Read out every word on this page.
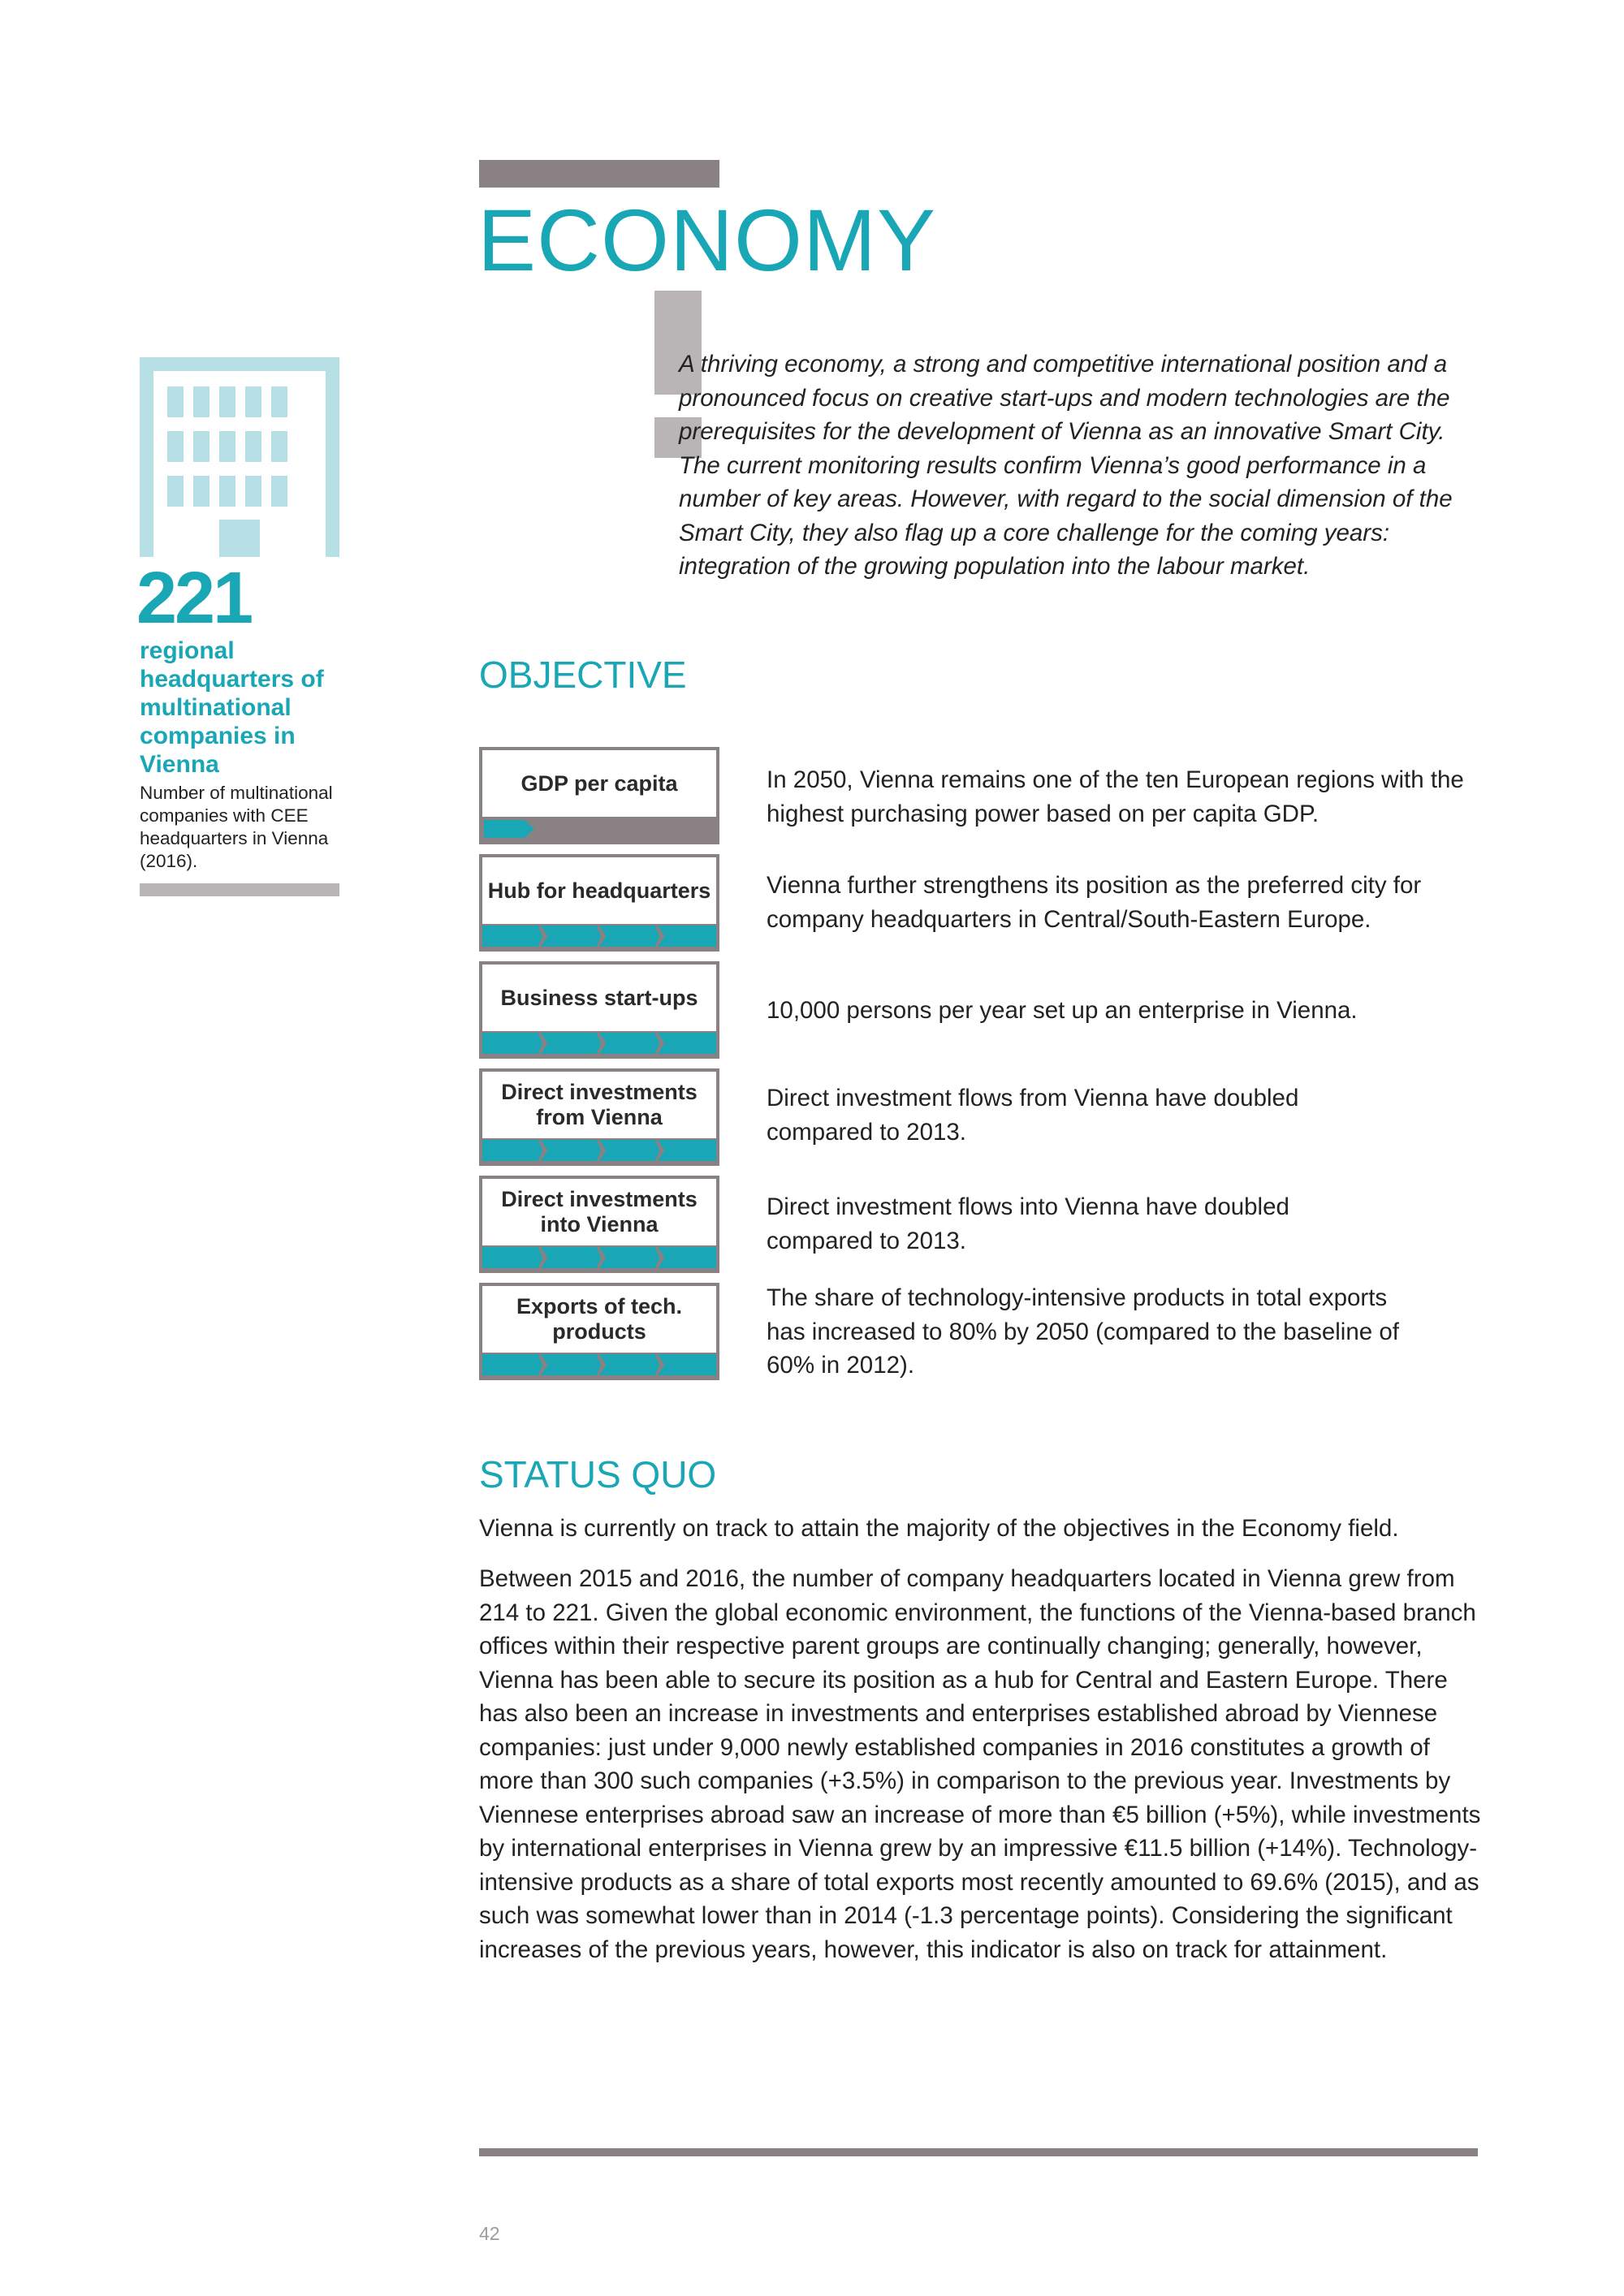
ECONOMY
A thriving economy, a strong and competitive international position and a pronounced focus on creative start-ups and modern technologies are the prerequisites for the development of Vienna as an innovative Smart City. The current monitoring results confirm Vienna’s good performance in a number of key areas. However, with regard to the social dimension of the Smart City, they also flag up a core challenge for the coming years: integration of the growing population into the labour market.
221
regional headquarters of multinational companies in Vienna
Number of multinational companies with CEE headquarters in Vienna (2016).
OBJECTIVE
GDP per capita	In 2050, Vienna remains one of the ten European regions with the highest purchasing power based on per capita GDP.
Hub for headquarters Vienna further strengthens its position as the preferred city for company headquarters in Central/South-Eastern Europe.
Business start-ups	10,000 persons per year set up an enterprise in Vienna.
Direct investments from Vienna
Direct investment flows from Vienna have doubled compared to 2013.
Direct investments into Vienna
Direct investment flows into Vienna have doubled compared to 2013.
Exports of tech. products
The share of technology-intensive products in total exports has increased to 80% by 2050 (compared to the baseline of 60% in 2012).
STATUS QUO

Vienna is currently on track to attain the majority of the objectives in the Economy field.

Between 2015 and 2016, the number of company headquarters located in Vienna grew from 214 to 221. Given the global economic environment, the functions of the Vienna-based branch offices within their respective parent groups are continually changing; generally, however, Vienna has been able to secure its position as a hub for Central and Eastern Europe. There has also been an increase in investments and enterprises established abroad by Viennese companies: just under 9,000 newly established companies in 2016 constitutes a growth of more than 300 such companies (+3.5%) in comparison to the previous year. Investments by Viennese enterprises abroad saw an increase of more than €5 billion (+5%), while investments by international enterprises in Vienna grew by an impressive €11.5 billion (+14%). Technology-intensive products as a share of total exports most recently amounted to 69.6% (2015), and as such was somewhat lower than in 2014 (-1.3 percentage points). Considering the significant increases of the previous years, however, this indicator is also on track for attainment.

42
